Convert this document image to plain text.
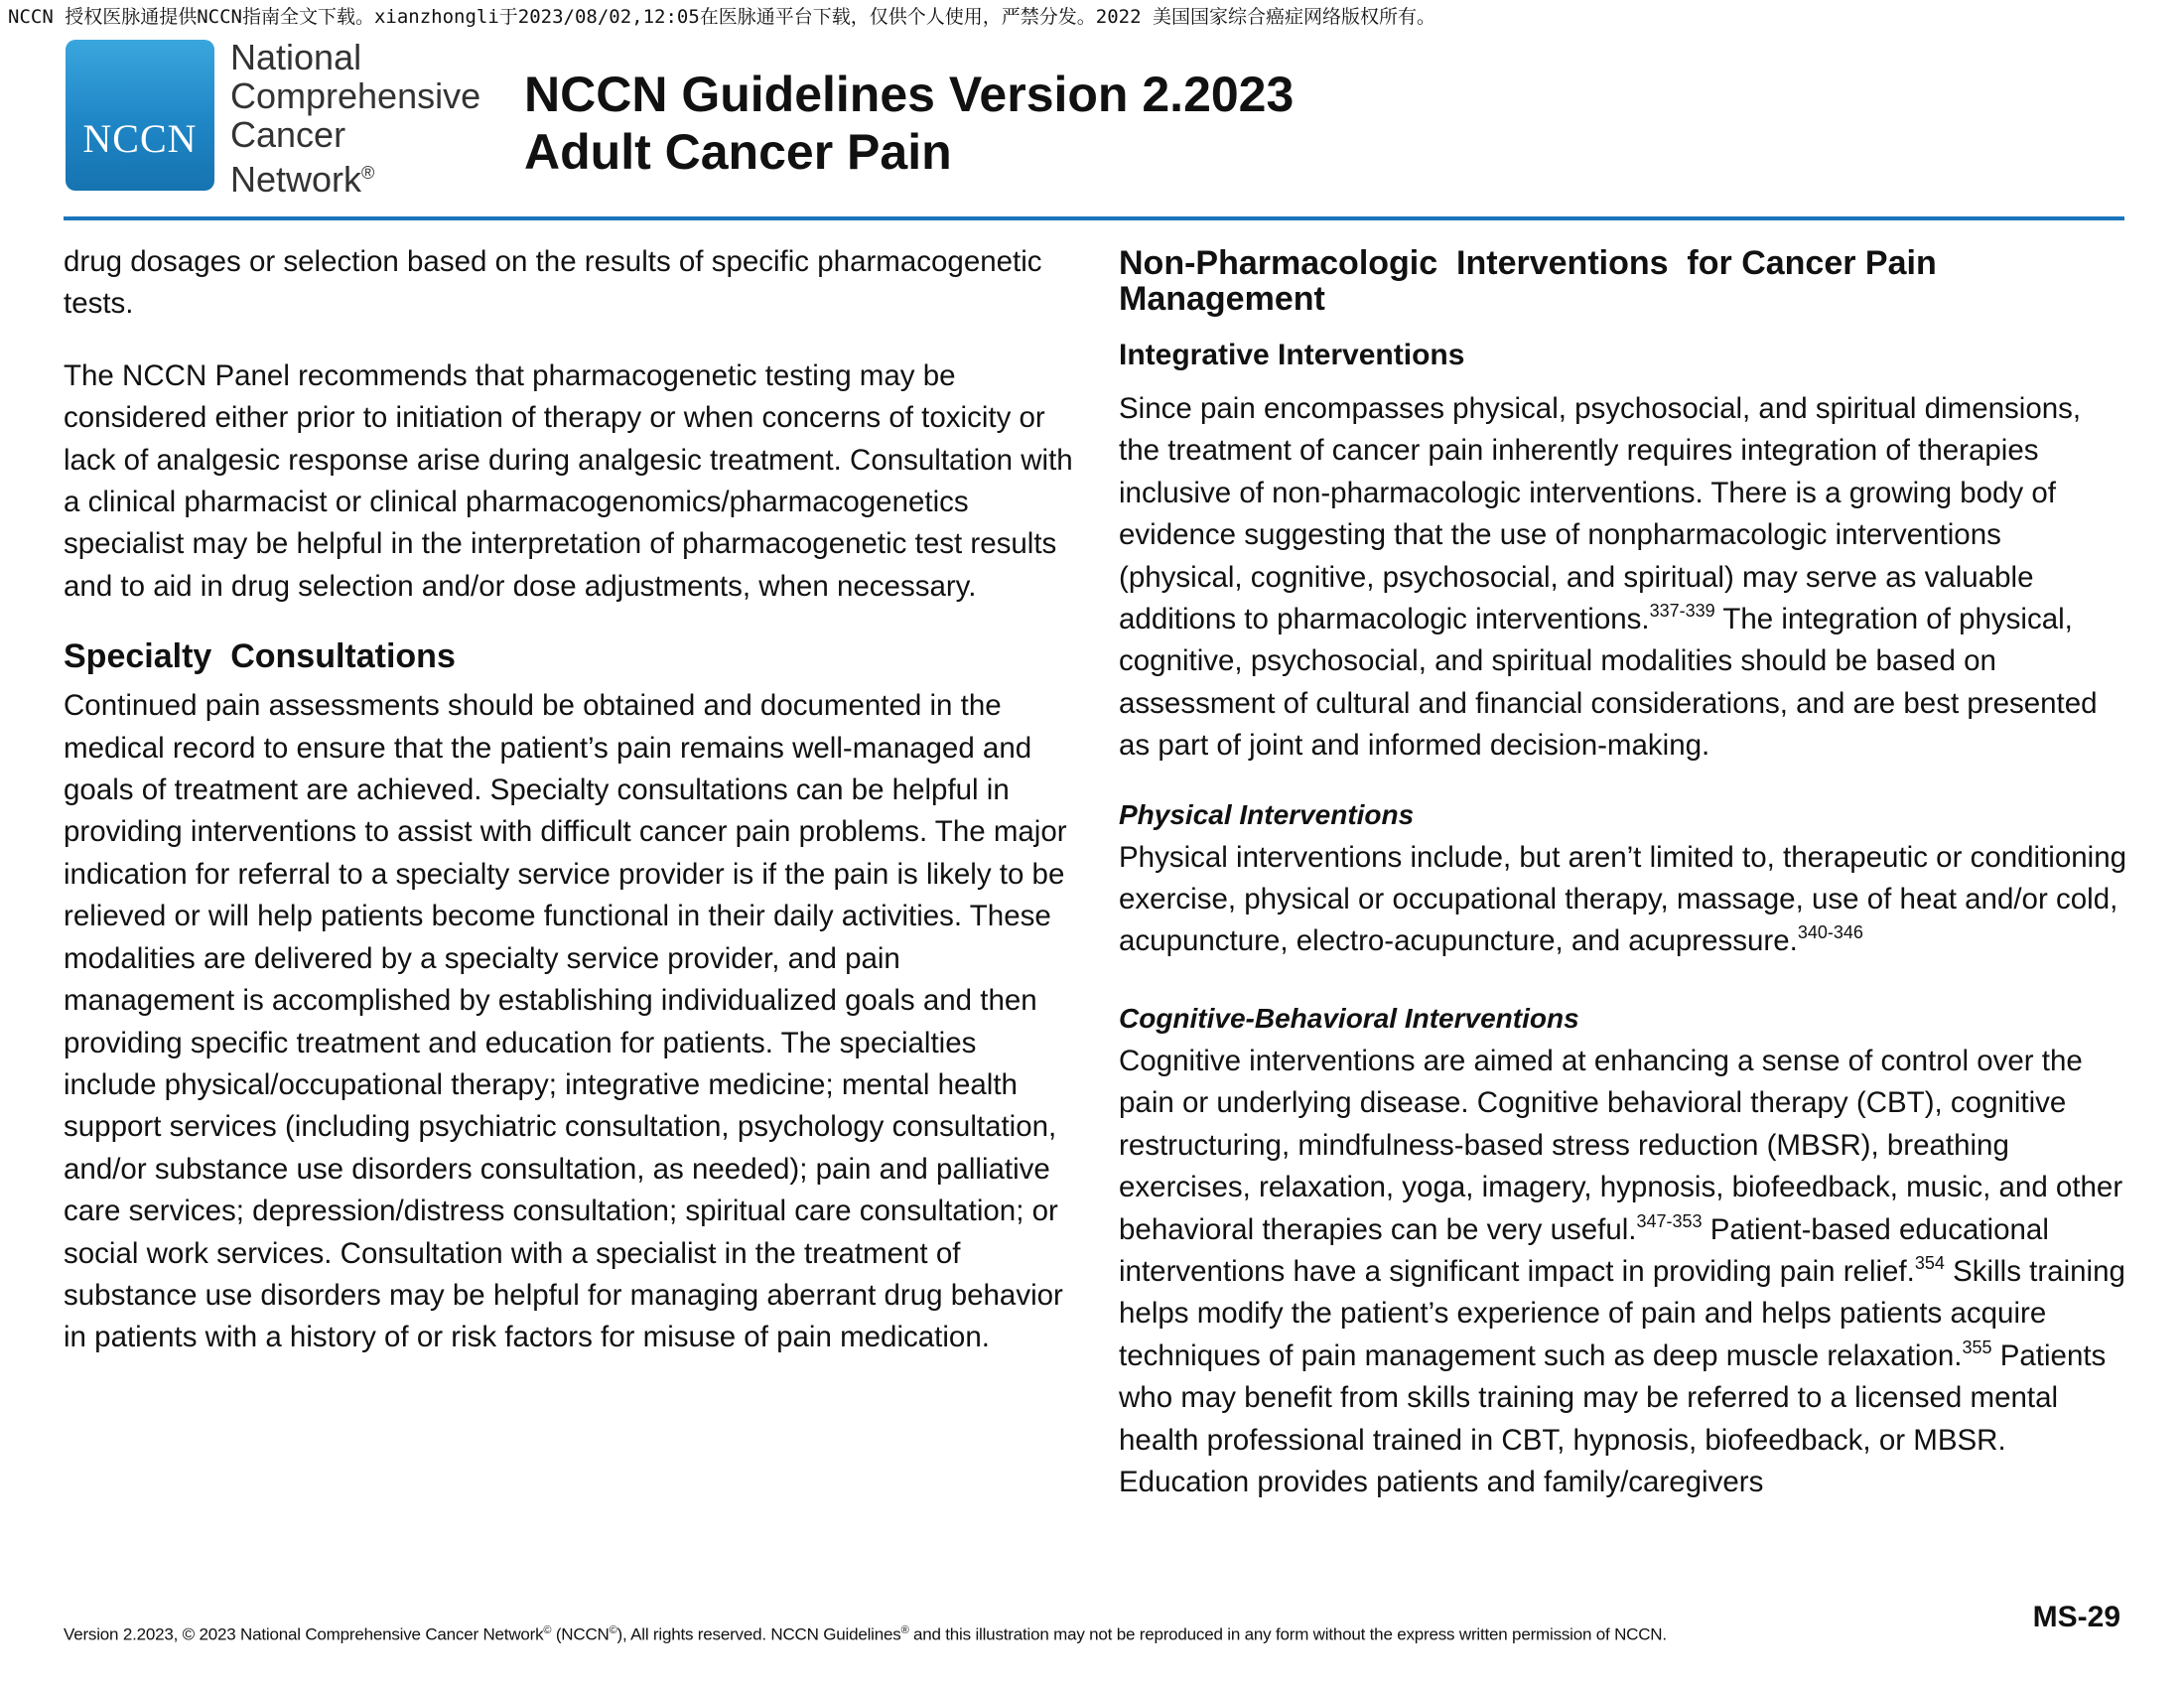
NCCN 授权医脉通提供NCCN指南全文下载。xianzhongli于2023/08/02,12:05在医脉通平台下载，仅供个人使用，严禁分发。2022 美国国家综合癌症网络版权所有。
NCCN
National
Comprehensive
Cancer
Network®
NCCN Guidelines Version 2.2023
Adult Cancer Pain

drug dosages or selection based on the results of specific pharmacogenetic tests.

The NCCN Panel recommends that pharmacogenetic testing may be considered either prior to initiation of therapy or when concerns of toxicity or lack of analgesic response arise during analgesic treatment. Consultation with a clinical pharmacist or clinical pharmacogenomics/pharmacogenetics specialist may be helpful in the interpretation of pharmacogenetic test results and to aid in drug selection and/or dose adjustments, when necessary.

Specialty  Consultations

Continued pain assessments should be obtained and documented in the medical record to ensure that the patient’s pain remains well-managed and goals of treatment are achieved. Specialty consultations can be helpful in providing interventions to assist with difficult cancer pain problems. The major indication for referral to a specialty service provider is if the pain is likely to be relieved or will help patients become functional in their daily activities. These modalities are delivered by a specialty service provider, and pain management is accomplished by establishing individualized goals and then providing specific treatment and education for patients. The specialties include physical/occupational therapy; integrative medicine; mental health support services (including psychiatric consultation, psychology consultation, and/or substance use disorders consultation, as needed); pain and palliative care services; depression/distress consultation; spiritual care consultation; or social work services. Consultation with a specialist in the treatment of substance use disorders may be helpful for managing aberrant drug behavior in patients with a history of or risk factors for misuse of pain medication.

Non-Pharmacologic  Interventions  for Cancer Pain Management
Integrative Interventions

Since pain encompasses physical, psychosocial, and spiritual dimensions, the treatment of cancer pain inherently requires integration of therapies inclusive of non-pharmacologic interventions. There is a growing body of evidence suggesting that the use of nonpharmacologic interventions (physical, cognitive, psychosocial, and spiritual) may serve as valuable additions to pharmacologic interventions.$^{337-339}$ The integration of physical, cognitive, psychosocial, and spiritual modalities should be based on assessment of cultural and financial considerations, and are best presented as part of joint and informed decision-making.

Physical Interventions

Physical interventions include, but aren’t limited to, therapeutic or conditioning exercise, physical or occupational therapy, massage, use of heat and/or cold, acupuncture, electro-acupuncture, and acupressure.$^{340-346}$

Cognitive-Behavioral Interventions

Cognitive interventions are aimed at enhancing a sense of control over the pain or underlying disease. Cognitive behavioral therapy (CBT), cognitive restructuring, mindfulness-based stress reduction (MBSR), breathing exercises, relaxation, yoga, imagery, hypnosis, biofeedback, music, and other behavioral therapies can be very useful.$^{347-353}$ Patient-based educational interventions have a significant impact in providing pain relief.$^{354}$ Skills training helps modify the patient’s experience of pain and helps patients acquire techniques of pain management such as deep muscle relaxation.$^{355}$ Patients who may benefit from skills training may be referred to a licensed mental health professional trained in CBT, hypnosis, biofeedback, or MBSR. Education provides patients and family/caregivers

Version 2.2023, © 2023 National Comprehensive Cancer Network© (NCCN©), All rights reserved. NCCN Guidelines® and this illustration may not be reproduced in any form without the express written permission of NCCN.
MS-29
